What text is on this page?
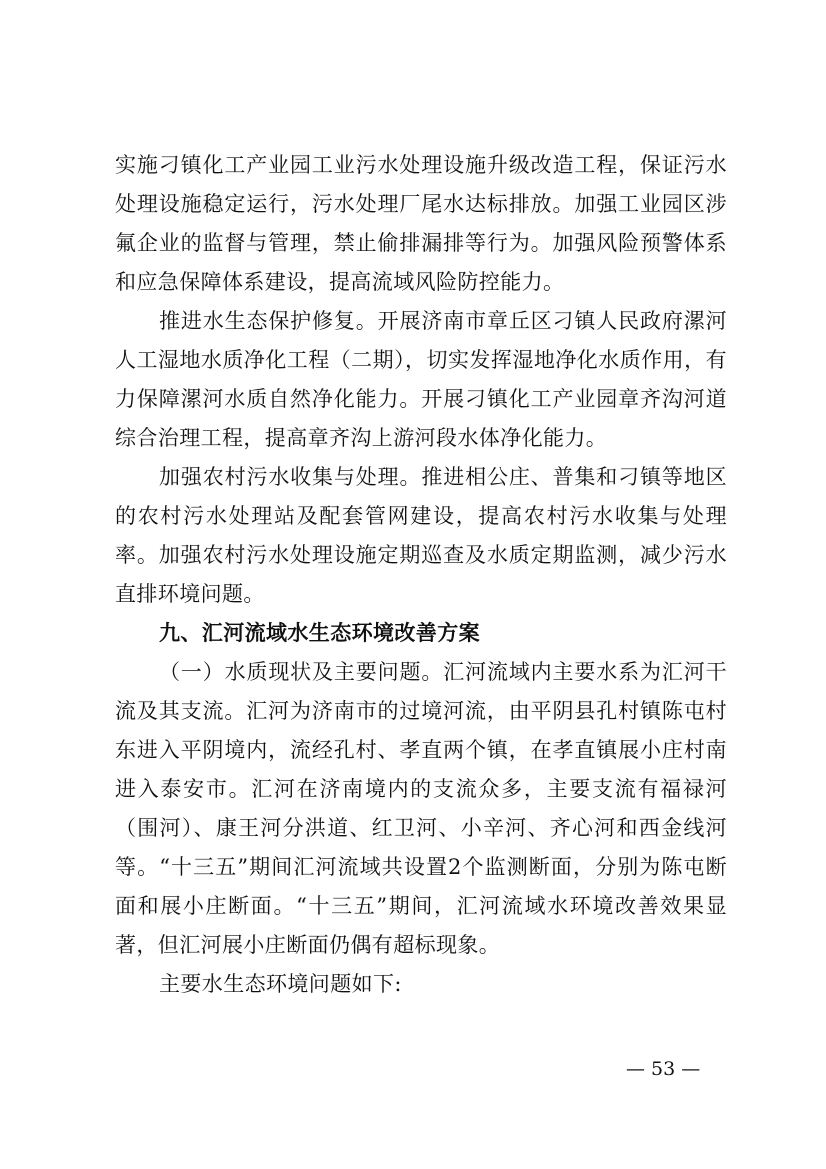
实施刁镇化工产业园工业污水处理设施升级改造工程，保证污水处理设施稳定运行，污水处理厂尾水达标排放。加强工业园区涉氟企业的监督与管理，禁止偷排漏排等行为。加强风险预警体系和应急保障体系建设，提高流域风险防控能力。

推进水生态保护修复。开展济南市章丘区刁镇人民政府漯河人工湿地水质净化工程（二期），切实发挥湿地净化水质作用，有力保障漯河水质自然净化能力。开展刁镇化工产业园章齐沟河道综合治理工程，提高章齐沟上游河段水体净化能力。

加强农村污水收集与处理。推进相公庄、普集和刁镇等地区的农村污水处理站及配套管网建设，提高农村污水收集与处理率。加强农村污水处理设施定期巡查及水质定期监测，减少污水直排环境问题。

九、汇河流域水生态环境改善方案

（一）水质现状及主要问题。汇河流域内主要水系为汇河干流及其支流。汇河为济南市的过境河流，由平阴县孔村镇陈屯村东进入平阴境内，流经孔村、孝直两个镇，在孝直镇展小庄村南进入泰安市。汇河在济南境内的支流众多，主要支流有福禄河（围河）、康王河分洪道、红卫河、小辛河、齐心河和西金线河等。“十三五”期间汇河流域共设置2个监测断面，分别为陈屯断面和展小庄断面。“十三五”期间，汇河流域水环境改善效果显著，但汇河展小庄断面仍偶有超标现象。

主要水生态环境问题如下:

— 53 —
